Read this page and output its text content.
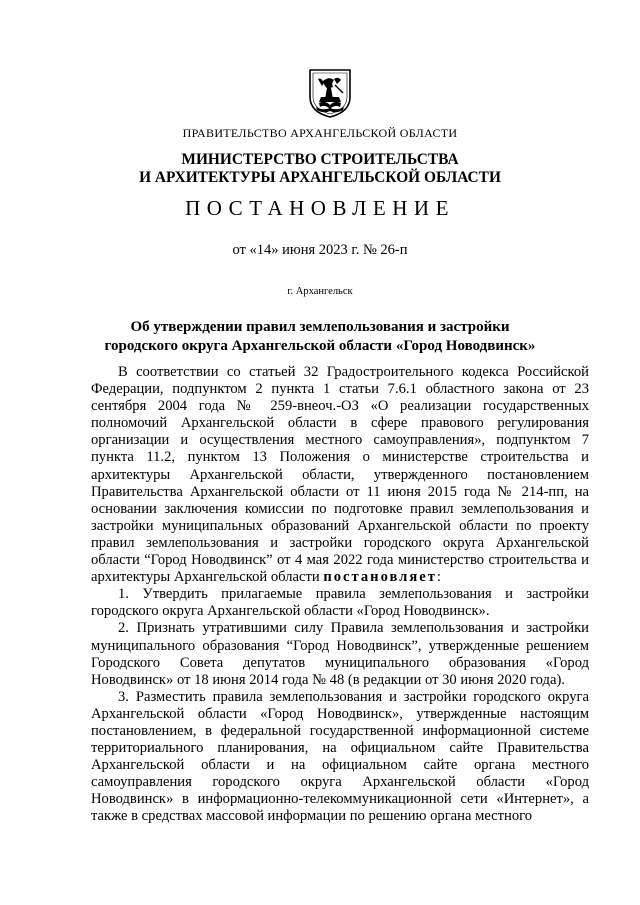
ПРАВИТЕЛЬСТВО АРХАНГЕЛЬСКОЙ ОБЛАСТИ
МИНИСТЕРСТВО СТРОИТЕЛЬСТВА
И АРХИТЕКТУРЫ АРХАНГЕЛЬСКОЙ ОБЛАСТИ
ПОСТАНОВЛЕНИЕ
от «14» июня 2023 г. № 26-п
г. Архангельск
Об утверждении правил землепользования и застройки
городского округа Архангельской области «Город Новодвинск»

В соответствии со статьей 32 Градостроительного кодекса Российской Федерации, подпунктом 2 пункта 1 статьи 7.6.1 областного закона от 23 сентября 2004 года № 259-внеоч.-ОЗ «О реализации государственных полномочий Архангельской области в сфере правового регулирования организации и осуществления местного самоуправления», подпунктом 7 пункта 11.2, пунктом 13 Положения о министерстве строительства и архитектуры Архангельской области, утвержденного постановлением Правительства Архангельской области от 11 июня 2015 года № 214-пп, на основании заключения комиссии по подготовке правил землепользования и застройки муниципальных образований Архангельской области по проекту правил землепользования и застройки городского округа Архангельской области “Город Новодвинск” от 4 мая 2022 года министерство строительства и архитектуры Архангельской области постановляет:

1. Утвердить прилагаемые правила землепользования и застройки городского округа Архангельской области «Город Новодвинск».

2. Признать утратившими силу Правила землепользования и застройки муниципального образования “Город Новодвинск”, утвержденные решением Городского Совета депутатов муниципального образования «Город Новодвинск» от 18 июня 2014 года № 48 (в редакции от 30 июня 2020 года).

3. Разместить правила землепользования и застройки городского округа Архангельской области «Город Новодвинск», утвержденные настоящим постановлением, в федеральной государственной информационной системе территориального планирования, на официальном сайте Правительства Архангельской области и на официальном сайте органа местного самоуправления городского округа Архангельской области «Город Новодвинск» в информационно-телекоммуникационной сети «Интернет», а также в средствах массовой информации по решению органа местного
